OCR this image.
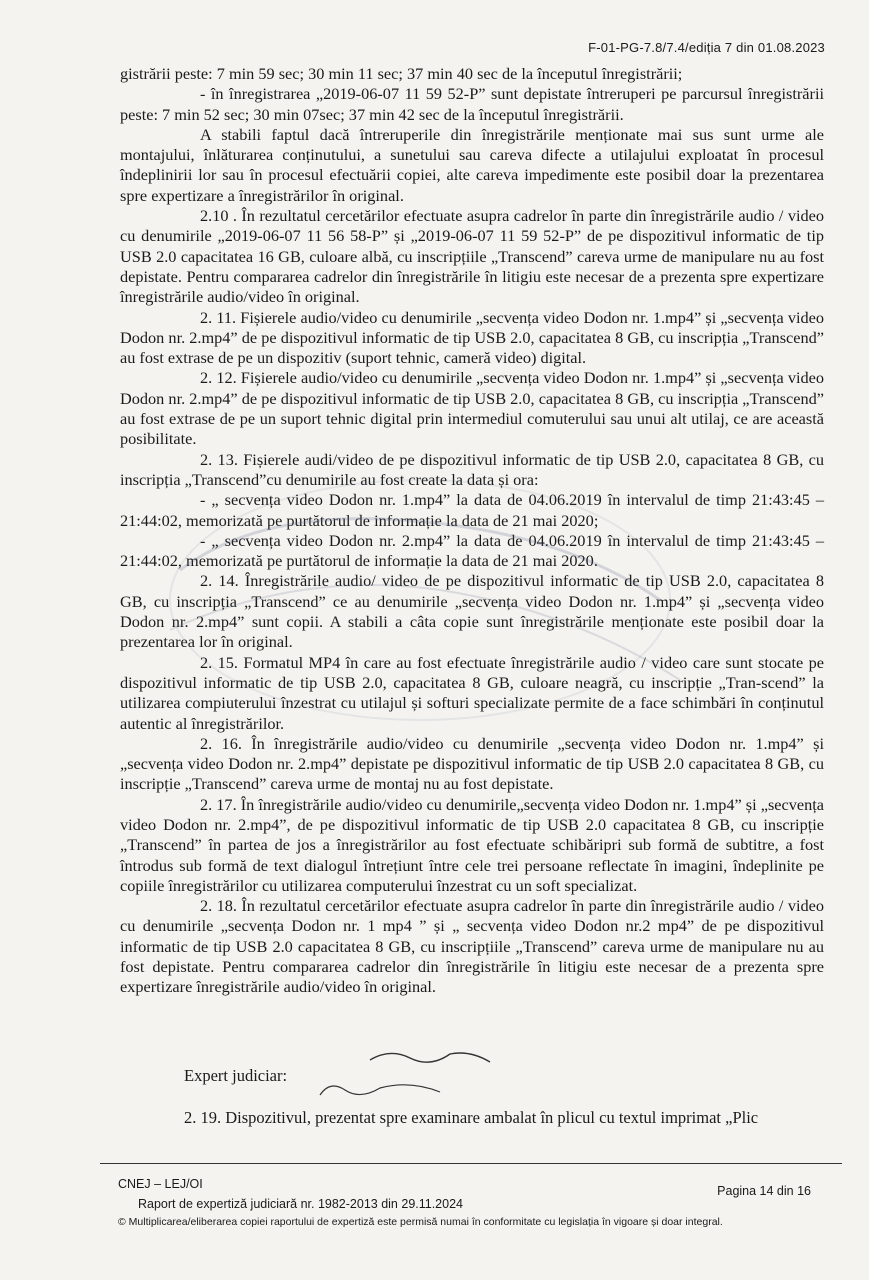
F-01-PG-7.8/7.4/ediția 7 din 01.08.2023

gistrării peste: 7 min 59 sec; 30 min 11 sec; 37 min 40 sec de la începutul înregistrării;

- în înregistrarea „2019-06-07 11 59 52-P” sunt depistate întreruperi pe parcursul înregistrării peste: 7 min 52 sec; 30 min 07sec; 37 min 42 sec de la începutul înregistrării.

A stabili faptul dacă întreruperile din înregistrările menționate mai sus sunt urme ale montajului, înlăturarea conținutului, a sunetului sau careva difecte a utilajului exploatat în procesul îndeplinirii lor sau în procesul efectuării copiei, alte careva impedimente este posibil doar la prezentarea spre expertizare a înregistrărilor în original.

2.10 . În rezultatul cercetărilor efectuate asupra cadrelor în parte din înregistrările audio / video cu denumirile „2019-06-07 11 56 58-P” și „2019-06-07 11 59 52-P” de pe dispozitivul informatic de tip USB 2.0 capacitatea 16 GB, culoare albă, cu inscripțiile „Transcend” careva urme de manipulare nu au fost depistate. Pentru compararea cadrelor din înregistrările în litigiu este necesar de a prezenta spre expertizare înregistrările audio/video în original.

2. 11. Fișierele audio/video cu denumirile „secvența video Dodon nr. 1.mp4” și „secvența video Dodon nr. 2.mp4” de pe dispozitivul informatic de tip USB 2.0, capacitatea 8 GB, cu inscripția „Transcend” au fost extrase de pe un dispozitiv (suport tehnic, cameră video) digital.

2. 12. Fișierele audio/video cu denumirile „secvența video Dodon nr. 1.mp4” și „secvența video Dodon nr. 2.mp4” de pe dispozitivul informatic de tip USB 2.0, capacitatea 8 GB, cu inscripția „Transcend” au fost extrase de pe un suport tehnic digital prin intermediul comuterului sau unui alt utilaj, ce are această posibilitate.

2. 13. Fișierele audi/video de pe dispozitivul informatic de tip USB 2.0, capacitatea 8 GB, cu inscripția „Transcend”cu denumirile au fost create la data și ora:

- „ secvența video Dodon nr. 1.mp4” la data de 04.06.2019 în intervalul de timp 21:43:45 – 21:44:02, memorizată pe purtătorul de informație la data de 21 mai 2020;

- „ secvența video Dodon nr. 2.mp4” la data de 04.06.2019 în intervalul de timp 21:43:45 – 21:44:02, memorizată pe purtătorul de informație la data de 21 mai 2020.

2. 14. Înregistrările audio/ video de pe dispozitivul informatic de tip USB 2.0, capacitatea 8 GB, cu inscripția „Transcend” ce au denumirile „secvența video Dodon nr. 1.mp4” și „secvența video Dodon nr. 2.mp4” sunt copii. A stabili a câta copie sunt înregistrările menționate este posibil doar la prezentarea lor în original.

2. 15. Formatul MP4 în care au fost efectuate înregistrările audio / video care sunt stocate pe dispozitivul informatic de tip USB 2.0, capacitatea 8 GB, culoare neagră, cu inscripție „Tran-scend” la utilizarea compiuterului înzestrat cu utilajul și softuri specializate permite de a face schimbări în conținutul autentic al înregistrărilor.

2. 16. În înregistrările audio/video cu denumirile „secvența video Dodon nr. 1.mp4” și „secvența video Dodon nr. 2.mp4” depistate pe dispozitivul informatic de tip USB 2.0 capacitatea 8 GB, cu inscripție „Transcend” careva urme de montaj nu au fost depistate.

2. 17. În înregistrările audio/video cu denumirile„secvența video Dodon nr. 1.mp4” și „secvența video Dodon nr. 2.mp4”, de pe dispozitivul informatic de tip USB 2.0 capacitatea 8 GB, cu inscripție „Transcend” în partea de jos a înregistrărilor au fost efectuate schibăripri sub formă de subtitre, a fost întrodus sub formă de text dialogul întrețiunt între cele trei persoane reflectate în imagini, îndeplinite pe copiile înregistrărilor cu utilizarea computerului înzestrat cu un soft specializat.

2. 18. În rezultatul cercetărilor efectuate asupra cadrelor în parte din înregistrările audio / video cu denumirile „secvența Dodon nr. 1 mp4 ” și „ secvența video Dodon nr.2 mp4” de pe dispozitivul informatic de tip USB 2.0 capacitatea 8 GB, cu inscripțiile „Transcend” careva urme de manipulare nu au fost depistate. Pentru compararea cadrelor din înregistrările în litigiu este necesar de a prezenta spre expertizare înregistrările audio/video în original.

Expert judiciar:
2. 19. Dispozitivul, prezentat spre examinare ambalat în plicul cu textul imprimat „Plic
CNEJ – LEJ/OI
Raport de expertiză judiciară nr. 1982-2013 din 29.11.2024
Pagina 14 din 16
© Multiplicarea/eliberarea copiei raportului de expertiză este permisă numai în conformitate cu legislația în vigoare și doar integral.
